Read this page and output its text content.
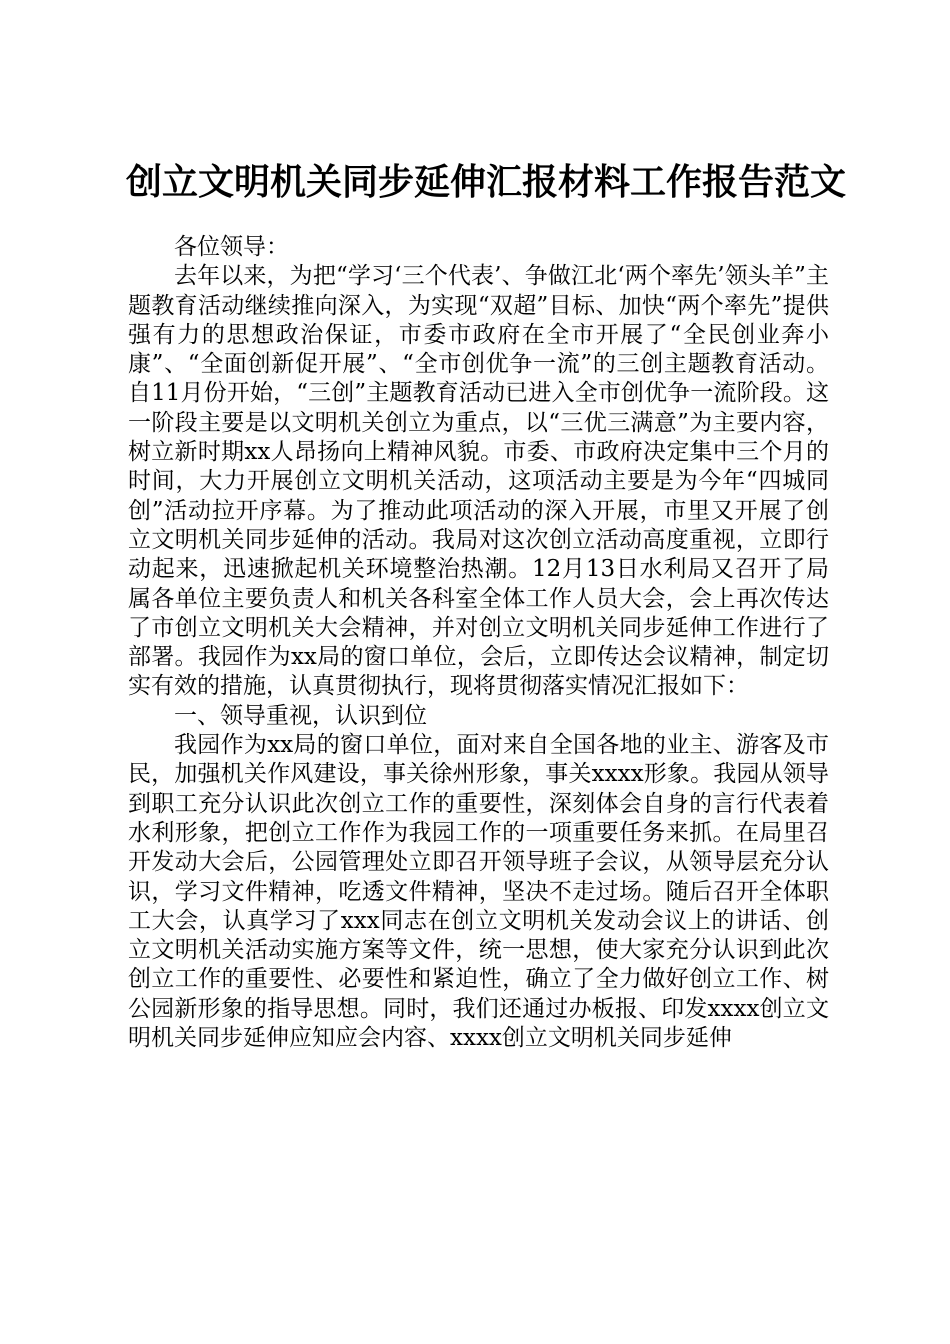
创立文明机关同步延伸汇报材料工作报告范文

各位领导：

去年以来，为把“学习‘三个代表’、争做江北‘两个率先’领头羊”主题教育活动继续推向深入，为实现“双超”目标、加快“两个率先”提供强有力的思想政治保证，市委市政府在全市开展了“全民创业奔小康”、“全面创新促开展”、“全市创优争一流”的三创主题教育活动。自11月份开始，“三创”主题教育活动已进入全市创优争一流阶段。这一阶段主要是以文明机关创立为重点，以“三优三满意”为主要内容，树立新时期xx人昂扬向上精神风貌。市委、市政府决定集中三个月的时间，大力开展创立文明机关活动，这项活动主要是为今年“四城同创”活动拉开序幕。为了推动此项活动的深入开展，市里又开展了创立文明机关同步延伸的活动。我局对这次创立活动高度重视，立即行动起来，迅速掀起机关环境整治热潮。12月13日水利局又召开了局属各单位主要负责人和机关各科室全体工作人员大会，会上再次传达了市创立文明机关大会精神，并对创立文明机关同步延伸工作进行了部署。我园作为xx局的窗口单位，会后，立即传达会议精神，制定切实有效的措施，认真贯彻执行，现将贯彻落实情况汇报如下：

一、领导重视，认识到位

我园作为xx局的窗口单位，面对来自全国各地的业主、游客及市民，加强机关作风建设，事关徐州形象，事关xxxx形象。我园从领导到职工充分认识此次创立工作的重要性，深刻体会自身的言行代表着水利形象，把创立工作作为我园工作的一项重要任务来抓。在局里召开发动大会后，公园管理处立即召开领导班子会议，从领导层充分认识，学习文件精神，吃透文件精神，坚决不走过场。随后召开全体职工大会，认真学习了xxx同志在创立文明机关发动会议上的讲话、创立文明机关活动实施方案等文件，统一思想，使大家充分认识到此次创立工作的重要性、必要性和紧迫性，确立了全力做好创立工作、树公园新形象的指导思想。同时，我们还通过办板报、印发xxxx创立文明机关同步延伸应知应会内容、xxxx创立文明机关同步延伸
